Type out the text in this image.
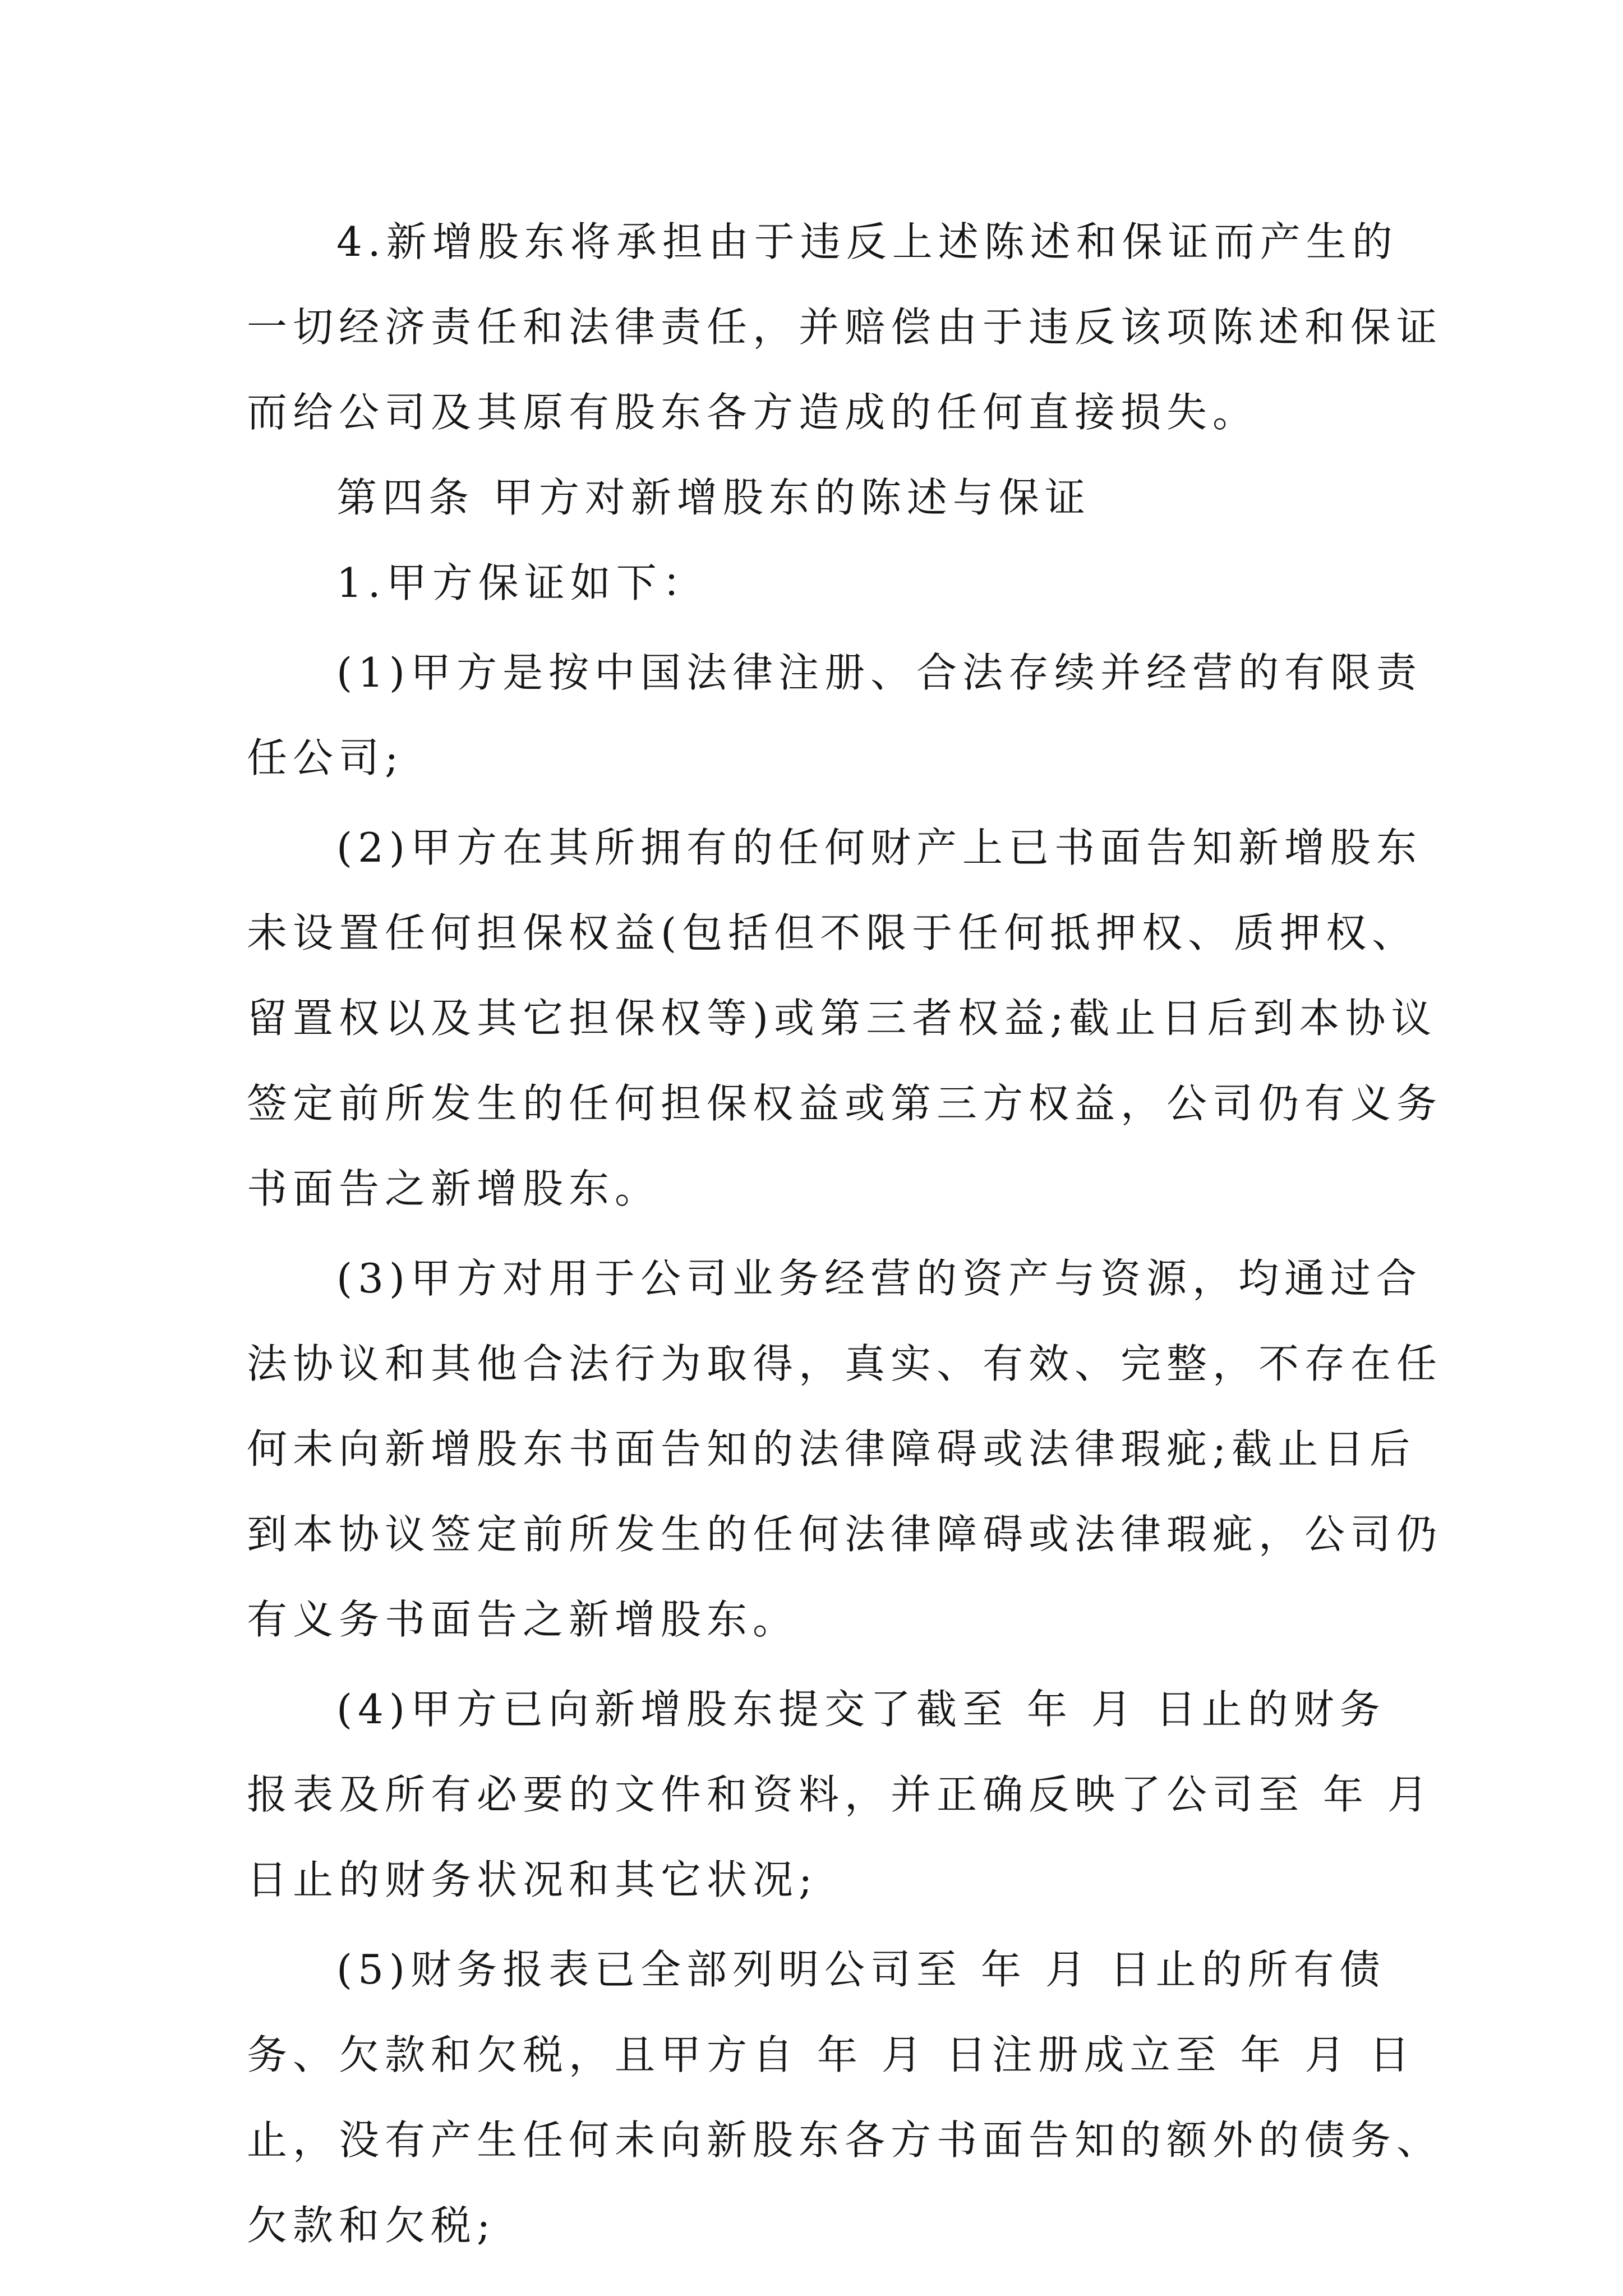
4.新增股东将承担由于违反上述陈述和保证而产生的
一切经济责任和法律责任，并赔偿由于违反该项陈述和保证
而给公司及其原有股东各方造成的任何直接损失。
第四条 甲方对新增股东的陈述与保证
1.甲方保证如下：
(1)甲方是按中国法律注册、合法存续并经营的有限责
任公司;
(2)甲方在其所拥有的任何财产上已书面告知新增股东
未设置任何担保权益(包括但不限于任何抵押权、质押权、
留置权以及其它担保权等)或第三者权益;截止日后到本协议
签定前所发生的任何担保权益或第三方权益，公司仍有义务
书面告之新增股东。
(3)甲方对用于公司业务经营的资产与资源，均通过合
法协议和其他合法行为取得，真实、有效、完整，不存在任
何未向新增股东书面告知的法律障碍或法律瑕疵;截止日后
到本协议签定前所发生的任何法律障碍或法律瑕疵，公司仍
有义务书面告之新增股东。
(4)甲方已向新增股东提交了截至 年 月 日止的财务
报表及所有必要的文件和资料，并正确反映了公司至 年 月
日止的财务状况和其它状况;
(5)财务报表已全部列明公司至 年 月 日止的所有债
务、欠款和欠税，且甲方自 年 月 日注册成立至 年 月 日
止，没有产生任何未向新股东各方书面告知的额外的债务、
欠款和欠税;
